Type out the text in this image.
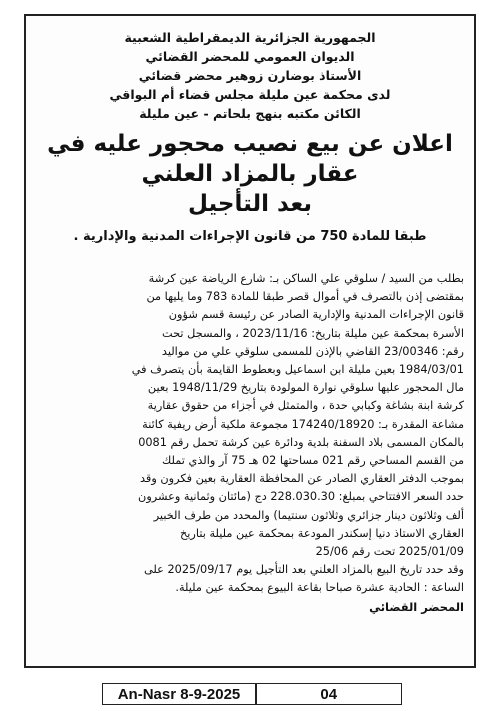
الجمهورية الجزائرية الديمقراطية الشعبية
الديوان العمومي للمحضر القضائي
الأستاذ بوضارن زوهير محضر قضائي
لدى محكمة عين مليلة مجلس قضاء أم البواقي
الكائن مكتبه بنهج بلحاتم - عين مليلة
اعلان عن بيع نصيب محجور عليه في عقار بالمزاد العلني
بعد التأجيل
طبقا للمادة 750 من قانون الإجراءات المدنية والإدارية .
بطلب من السيد / سلوقي علي الساكن بـ: شارع الرياضة عين كرشة
بمقتضى إذن بالتصرف في أموال قصر طبقا للمادة 783 وما يليها من
قانون الإجراءات المدنية والإدارية الصادر عن رئيسة قسم شؤون
الأسرة بمحكمة عين مليلة بتاريخ: 2023/11/16 ، والمسجل تحت
رقم: 23/00346 القاضي بالإذن للمسمى سلوقي علي من مواليد
1984/03/01 بعين مليلة ابن اسماعيل وبعطوط القايمة بأن يتصرف في
مال المحجور عليها سلوقي نوارة المولودة بتاريخ 1948/11/29 بعين
كرشة ابنة بشاغة وكبابي حدة ، والمتمثل في أجزاء من حقوق عقارية
مشاعة المقدرة بـ: 174240/18920 مجموعة ملكية أرض ريفية كائنة
بالمكان المسمى بلاد السفنة بلدية ودائرة عين كرشة تحمل رقم 0081
من القسم المساحي رقم 021 مساحتها 02 هـ 75 آر والذي تملك
بموجب الدفتر العقاري الصادر عن المحافظة العقارية بعين فكرون وقد
حدد السعر الافتتاحي بمبلغ: 228.030.30 دج (مائتان وثمانية وعشرون
ألف وثلاثون دينار جزائري وثلاثون سنتيما) والمحدد من طرف الخبير
العقاري الاستاذ دنيا إسكندر المودعة بمحكمة عين مليلة بتاريخ
2025/01/09 تحت رقم 25/06
وقد حدد تاريخ البيع بالمزاد العلني بعد التأجيل يوم 2025/09/17 على
الساعة : الحادية عشرة صباحا بقاعة البيوع بمحكمة عين مليلة.
المحضر القضائي
An-Nasr 8-9-2025	04
